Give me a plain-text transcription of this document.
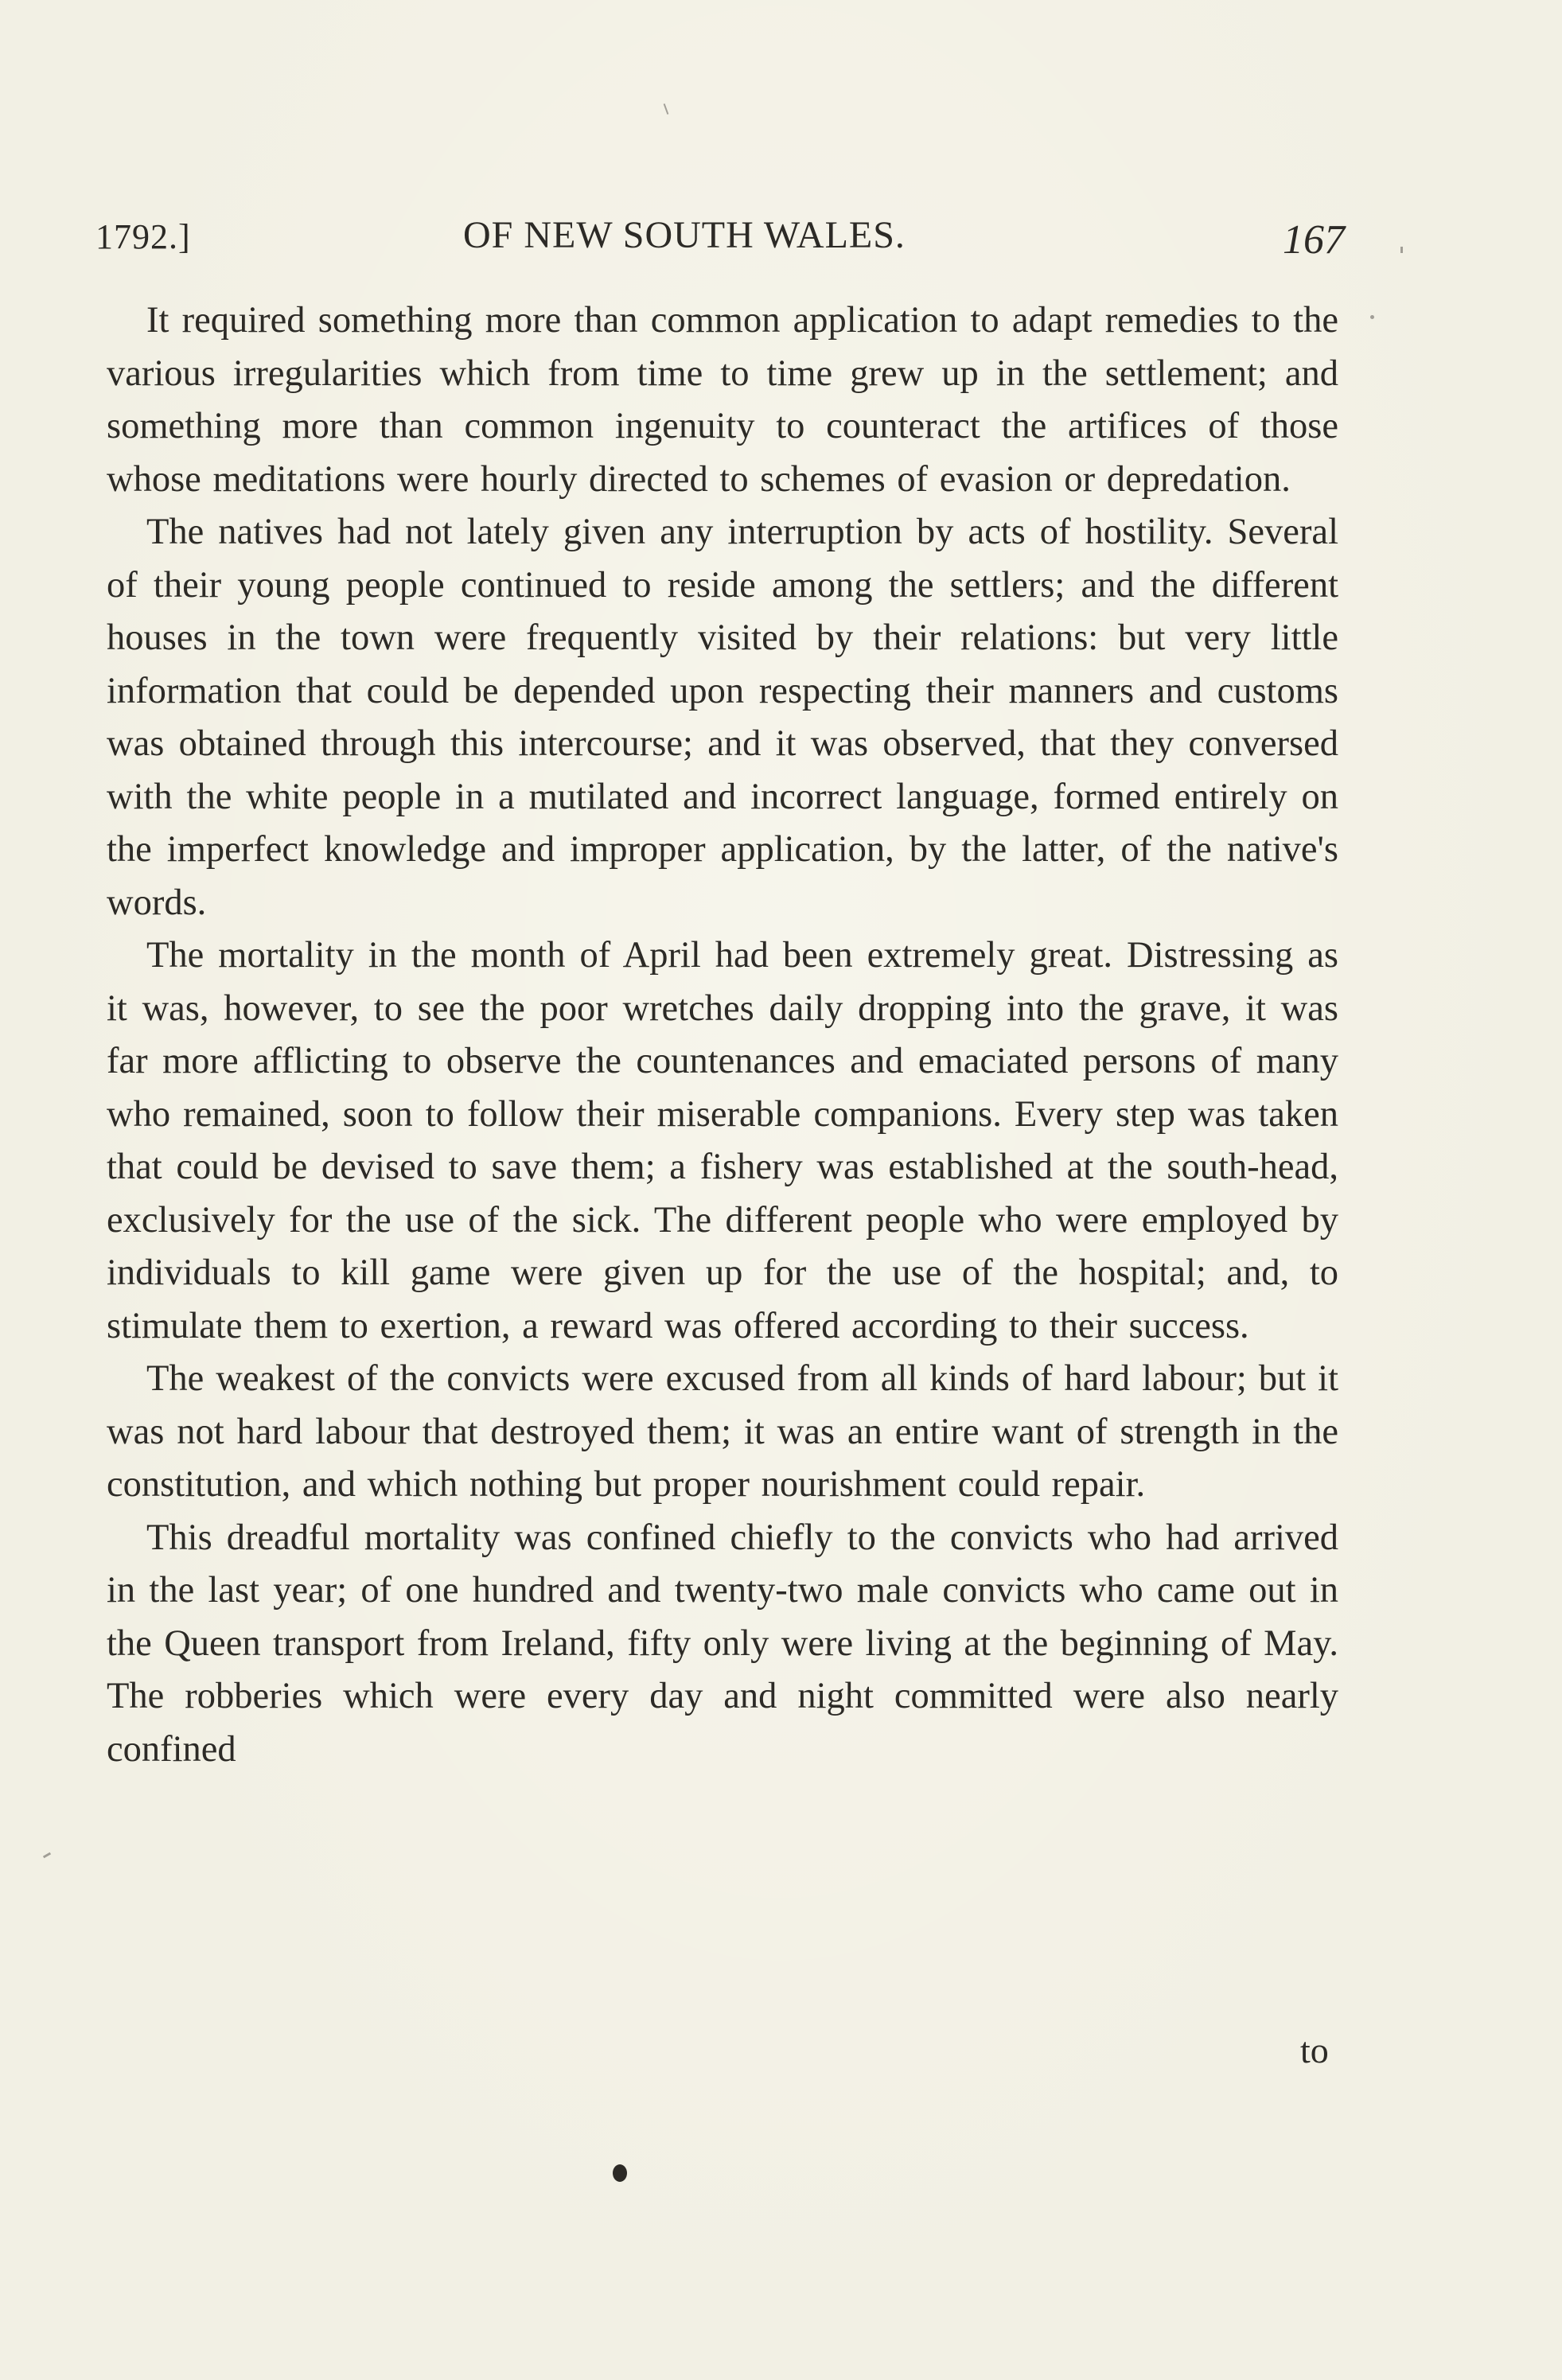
1792.]	OF NEW SOUTH WALES.	167

It required something more than common application to adapt remedies to the various irregularities which from time to time grew up in the settlement; and something more than common ingenuity to counteract the artifices of those whose meditations were hourly directed to schemes of evasion or depredation.

The natives had not lately given any interruption by acts of hostility. Several of their young people continued to reside among the settlers; and the different houses in the town were frequently visited by their relations: but very little information that could be depended upon respecting their manners and customs was obtained through this intercourse; and it was observed, that they conversed with the white people in a mutilated and incorrect language, formed entirely on the imperfect knowledge and improper application, by the latter, of the native's words.

The mortality in the month of April had been extremely great. Distressing as it was, however, to see the poor wretches daily dropping into the grave, it was far more afflicting to observe the countenances and emaciated persons of many who remained, soon to follow their miserable companions. Every step was taken that could be devised to save them; a fishery was established at the south-head, exclusively for the use of the sick. The different people who were employed by individuals to kill game were given up for the use of the hospital; and, to stimulate them to exertion, a reward was offered according to their success.

The weakest of the convicts were excused from all kinds of hard labour; but it was not hard labour that destroyed them; it was an entire want of strength in the constitution, and which nothing but proper nourishment could repair.

This dreadful mortality was confined chiefly to the convicts who had arrived in the last year; of one hundred and twenty-two male convicts who came out in the Queen transport from Ireland, fifty only were living at the beginning of May. The robberies which were every day and night committed were also nearly confined

to
